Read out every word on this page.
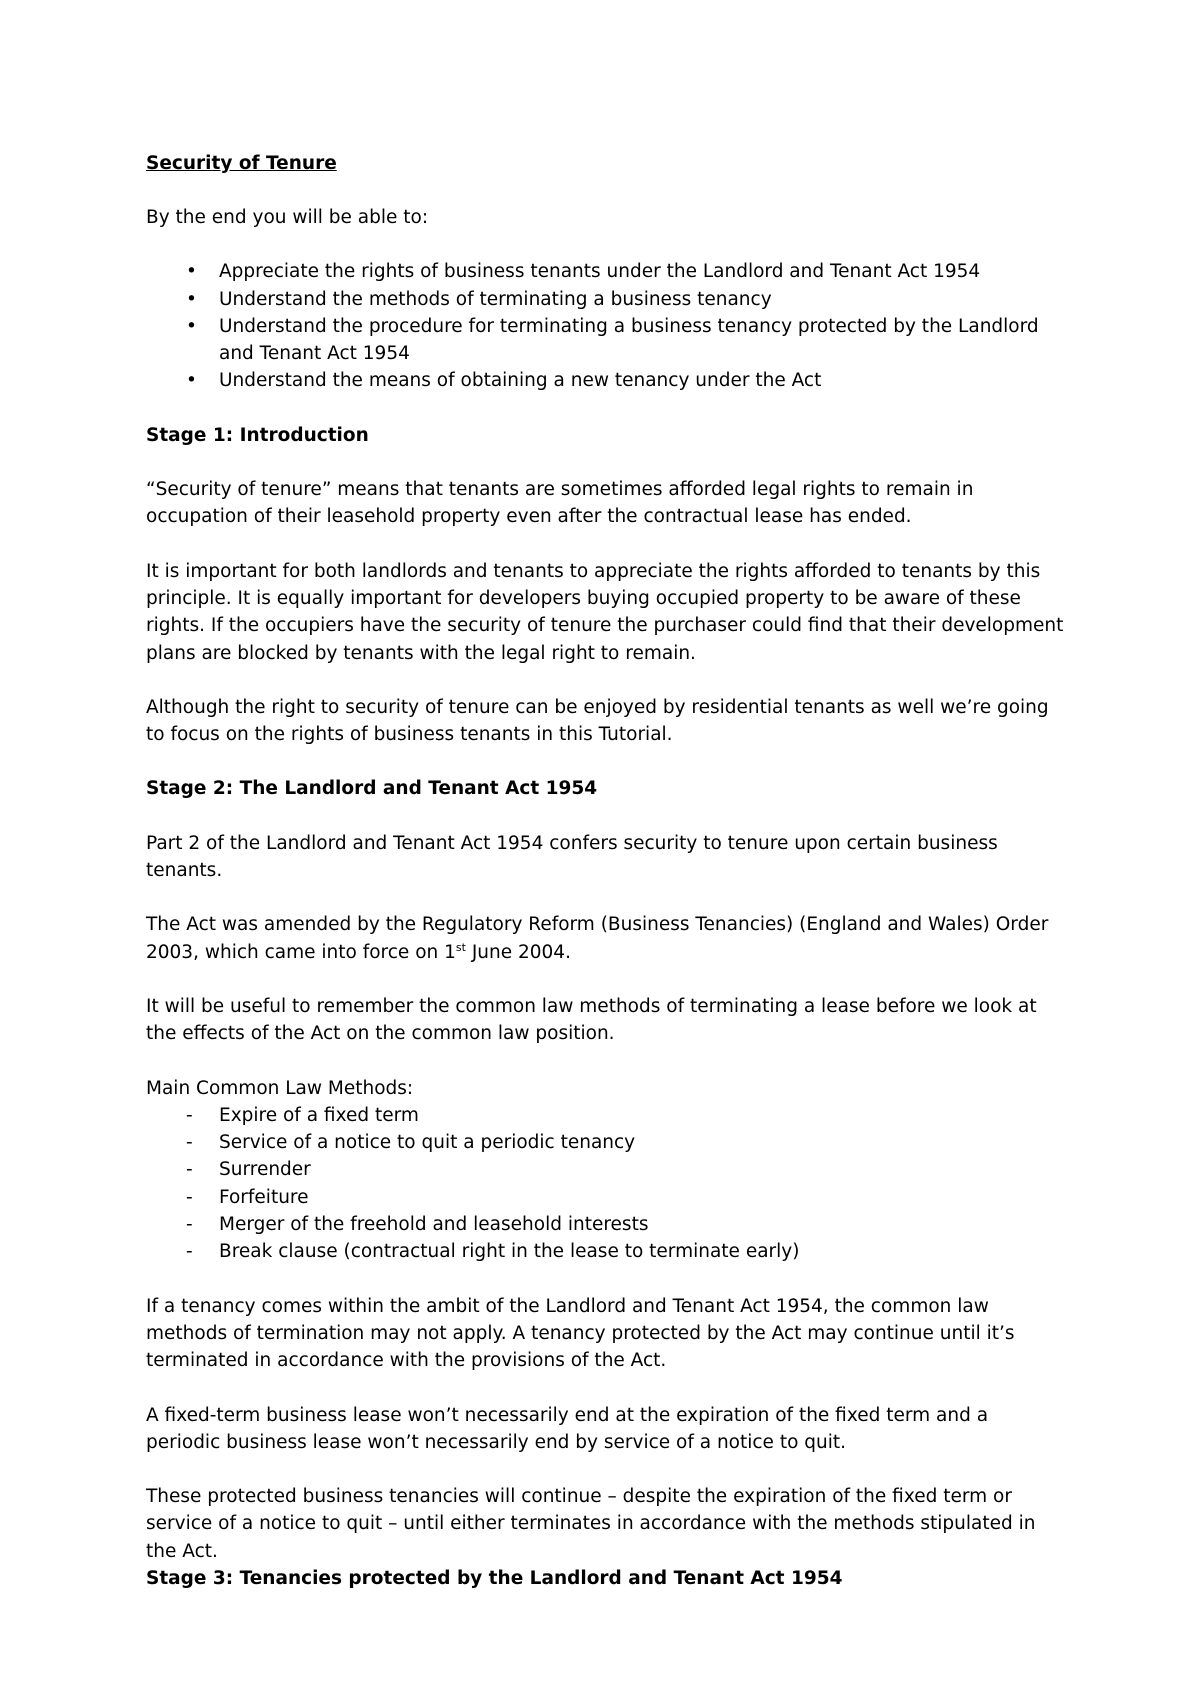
Security of Tenure

By the end you will be able to:

• Appreciate the rights of business tenants under the Landlord and Tenant Act 1954
• Understand the methods of terminating a business tenancy
• Understand the procedure for terminating a business tenancy protected by the Landlord and Tenant Act 1954
• Understand the means of obtaining a new tenancy under the Act

Stage 1: Introduction

“Security of tenure” means that tenants are sometimes afforded legal rights to remain in occupation of their leasehold property even after the contractual lease has ended.

It is important for both landlords and tenants to appreciate the rights afforded to tenants by this principle. It is equally important for developers buying occupied property to be aware of these rights. If the occupiers have the security of tenure the purchaser could find that their development plans are blocked by tenants with the legal right to remain.

Although the right to security of tenure can be enjoyed by residential tenants as well we’re going to focus on the rights of business tenants in this Tutorial.

Stage 2: The Landlord and Tenant Act 1954

Part 2 of the Landlord and Tenant Act 1954 confers security to tenure upon certain business tenants.

The Act was amended by the Regulatory Reform (Business Tenancies) (England and Wales) Order 2003, which came into force on 1st June 2004.

It will be useful to remember the common law methods of terminating a lease before we look at the effects of the Act on the common law position.

Main Common Law Methods:

- Expire of a fixed term
- Service of a notice to quit a periodic tenancy
- Surrender
- Forfeiture
- Merger of the freehold and leasehold interests
- Break clause (contractual right in the lease to terminate early)

If a tenancy comes within the ambit of the Landlord and Tenant Act 1954, the common law methods of termination may not apply. A tenancy protected by the Act may continue until it’s terminated in accordance with the provisions of the Act.

A fixed-term business lease won’t necessarily end at the expiration of the fixed term and a periodic business lease won’t necessarily end by service of a notice to quit.

These protected business tenancies will continue – despite the expiration of the fixed term or service of a notice to quit – until either terminates in accordance with the methods stipulated in the Act.

Stage 3: Tenancies protected by the Landlord and Tenant Act 1954
